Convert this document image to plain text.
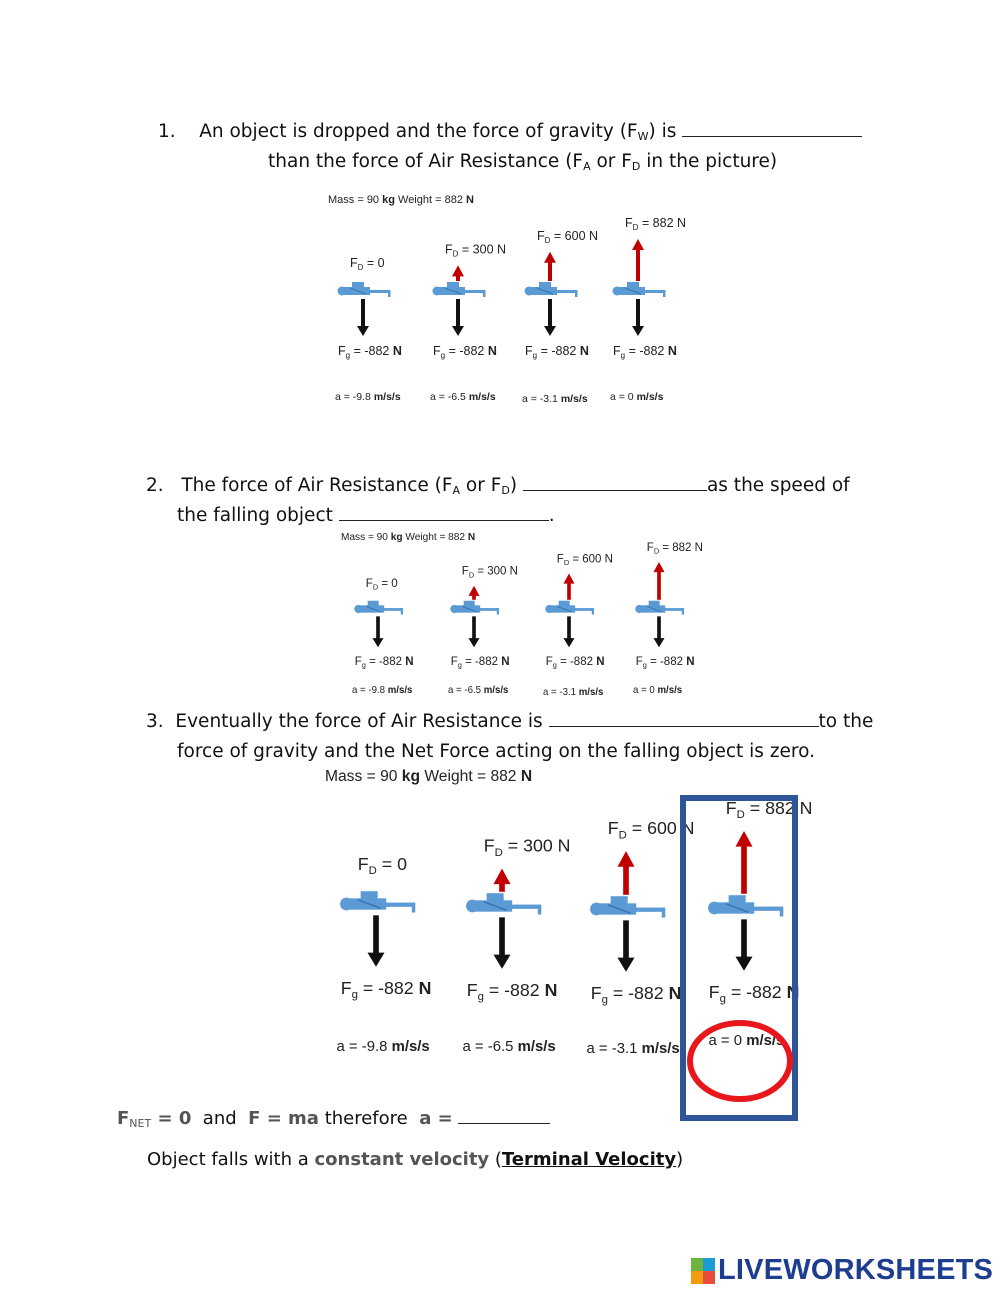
1. An object is dropped and the force of gravity $(F_W)$ is
than the force of Air Resistance ($F_A$ or $F_D$ in the picture)
Mass = 90 kg Weight = 882 N
$F_D = 0$
$F_g = -882$ N
a = -9.8 m/s/s
$F_D = 300$ N
$F_g = -882$ N
a = -6.5 m/s/s
$F_D = 600$ N
$F_g = -882$ N
a = -3.1 m/s/s
$F_D = 882$ N
$F_g = -882$ N
a = 0 m/s/s
2. The force of Air Resistance ($F_A$ or $F_D$)	as the speed of
the falling object	.
Mass = 90 kg Weight = 882 N
$F_D = 0$
$F_g = -882$ N
a = -9.8 m/s/s
$F_D = 300$ N
$F_g = -882$ N
a = -6.5 m/s/s
$F_D = 600$ N
$F_g = -882$ N
a = -3.1 m/s/s
$F_D = 882$ N
$F_g = -882$ N
a = 0 m/s/s
3. Eventually the force of Air Resistance is	to the
force of gravity and the Net Force acting on the falling object is zero.
Mass = 90 kg Weight = 882 N
$F_D = 0$
$F_g = -882$ N
a = -9.8 m/s/s
$F_D = 300$ N
$F_g = -882$ N
a = -6.5 m/s/s
$F_D = 600$ N
$F_g = -882$ N
a = -3.1 m/s/s
$F_D = 882$ N
$F_g = -882$ N
a = 0 m/s/s
$F_{NET} = 0$ and F = ma therefore a =
Object falls with a constant velocity (Terminal Velocity)
LIVEWORKSHEETS
